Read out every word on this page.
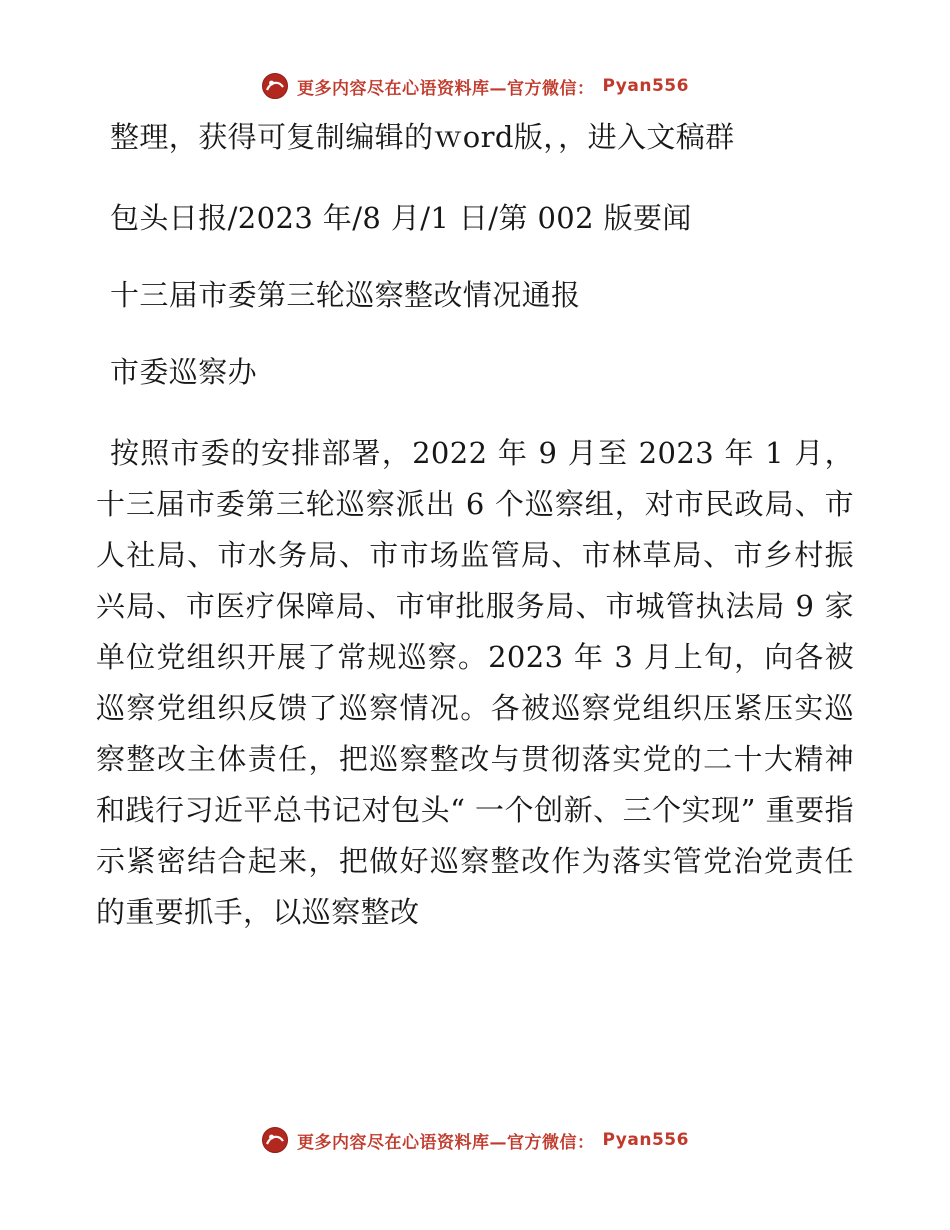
更多内容尽在心语资料库—官方微信： Pyan556

整理，获得可复制编辑的ｗord版，，进入文稿群

包头日报/2023 年/8 月/1 日/第 002 版要闻

十三届市委第三轮巡察整改情况通报

市委巡察办

按照市委的安排部署，2022 年 9 月至 2023 年 1 月，十三届市委第三轮巡察派出 6 个巡察组，对市民政局、市人社局、市水务局、市市场监管局、市林草局、市乡村振兴局、市医疗保障局、市审批服务局、市城管执法局 9 家单位党组织开展了常规巡察。2023 年 3 月上旬，向各被巡察党组织反馈了巡察情况。各被巡察党组织压紧压实巡察整改主体责任，把巡察整改与贯彻落实党的二十大精神和践行习近平总书记对包头“ 一个创新、三个实现” 重要指示紧密结合起来，把做好巡察整改作为落实管党治党责任的重要抓手，以巡察整改

更多内容尽在心语资料库—官方微信： Pyan556
